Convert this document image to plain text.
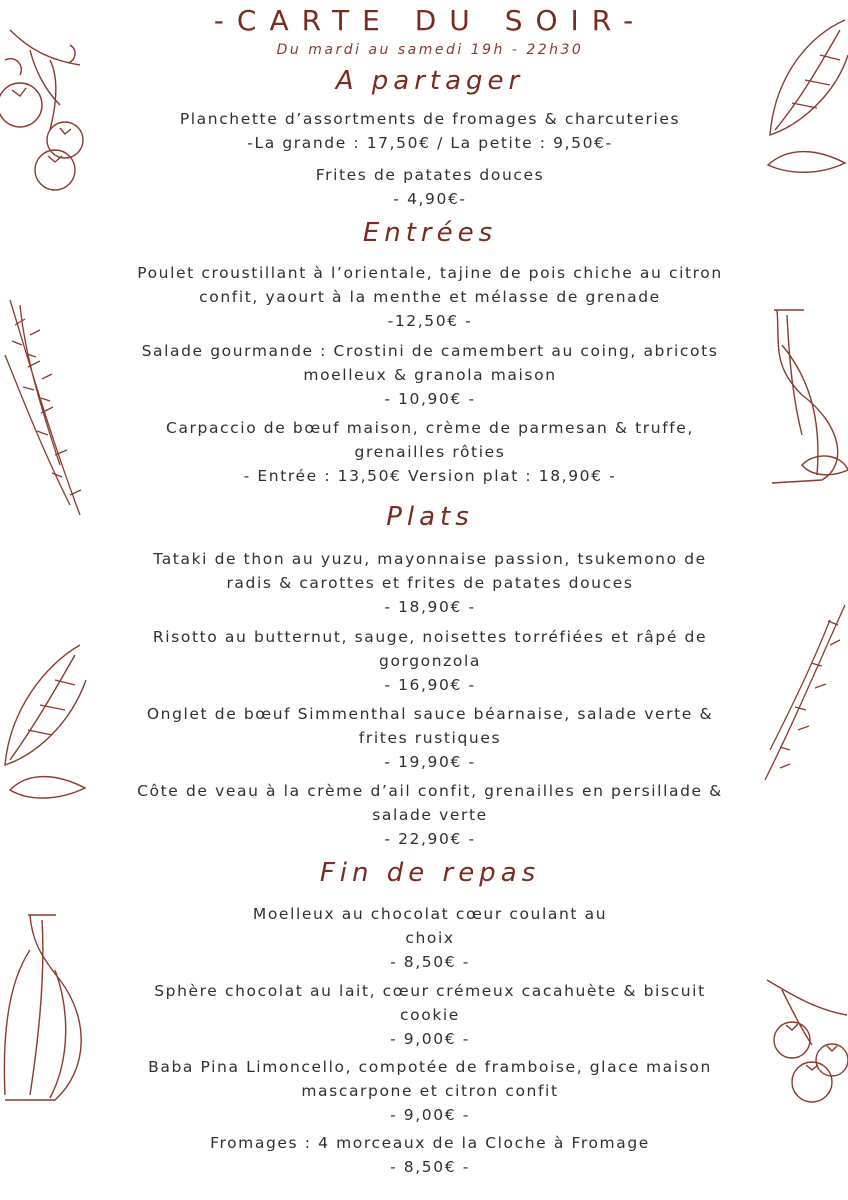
-CARTE DU SOIR-
Du mardi au samedi 19h - 22h30
A partager
Planchette d’assortments de fromages & charcuteries
-La grande : 17,50€ / La petite : 9,50€-
Frites de patates douces
- 4,90€-
Entrées
Poulet croustillant à l’orientale, tajine de pois chiche au citron
confit, yaourt à la menthe et mélasse de grenade
-12,50€ -
Salade gourmande : Crostini de camembert au coing, abricots
moelleux & granola maison
- 10,90€ -
Carpaccio de bœuf maison, crème de parmesan & truffe,
grenailles rôties
- Entrée : 13,50€ Version plat : 18,90€ -
Plats
Tataki de thon au yuzu, mayonnaise passion, tsukemono de
radis & carottes et frites de patates douces
- 18,90€ -
Risotto au butternut, sauge, noisettes torréfiées et râpé de
gorgonzola
- 16,90€ -
Onglet de bœuf Simmenthal sauce béarnaise, salade verte &
frites rustiques
- 19,90€ -
Côte de veau à la crème d’ail confit, grenailles en persillade &
salade verte
- 22,90€ -
Fin de repas
Moelleux au chocolat cœur coulant au
choix
- 8,50€ -
Sphère chocolat au lait, cœur crémeux cacahuète & biscuit
cookie
- 9,00€ -
Baba Pina Limoncello, compotée de framboise, glace maison
mascarpone et citron confit
- 9,00€ -
Fromages : 4 morceaux de la Cloche à Fromage
- 8,50€ -
